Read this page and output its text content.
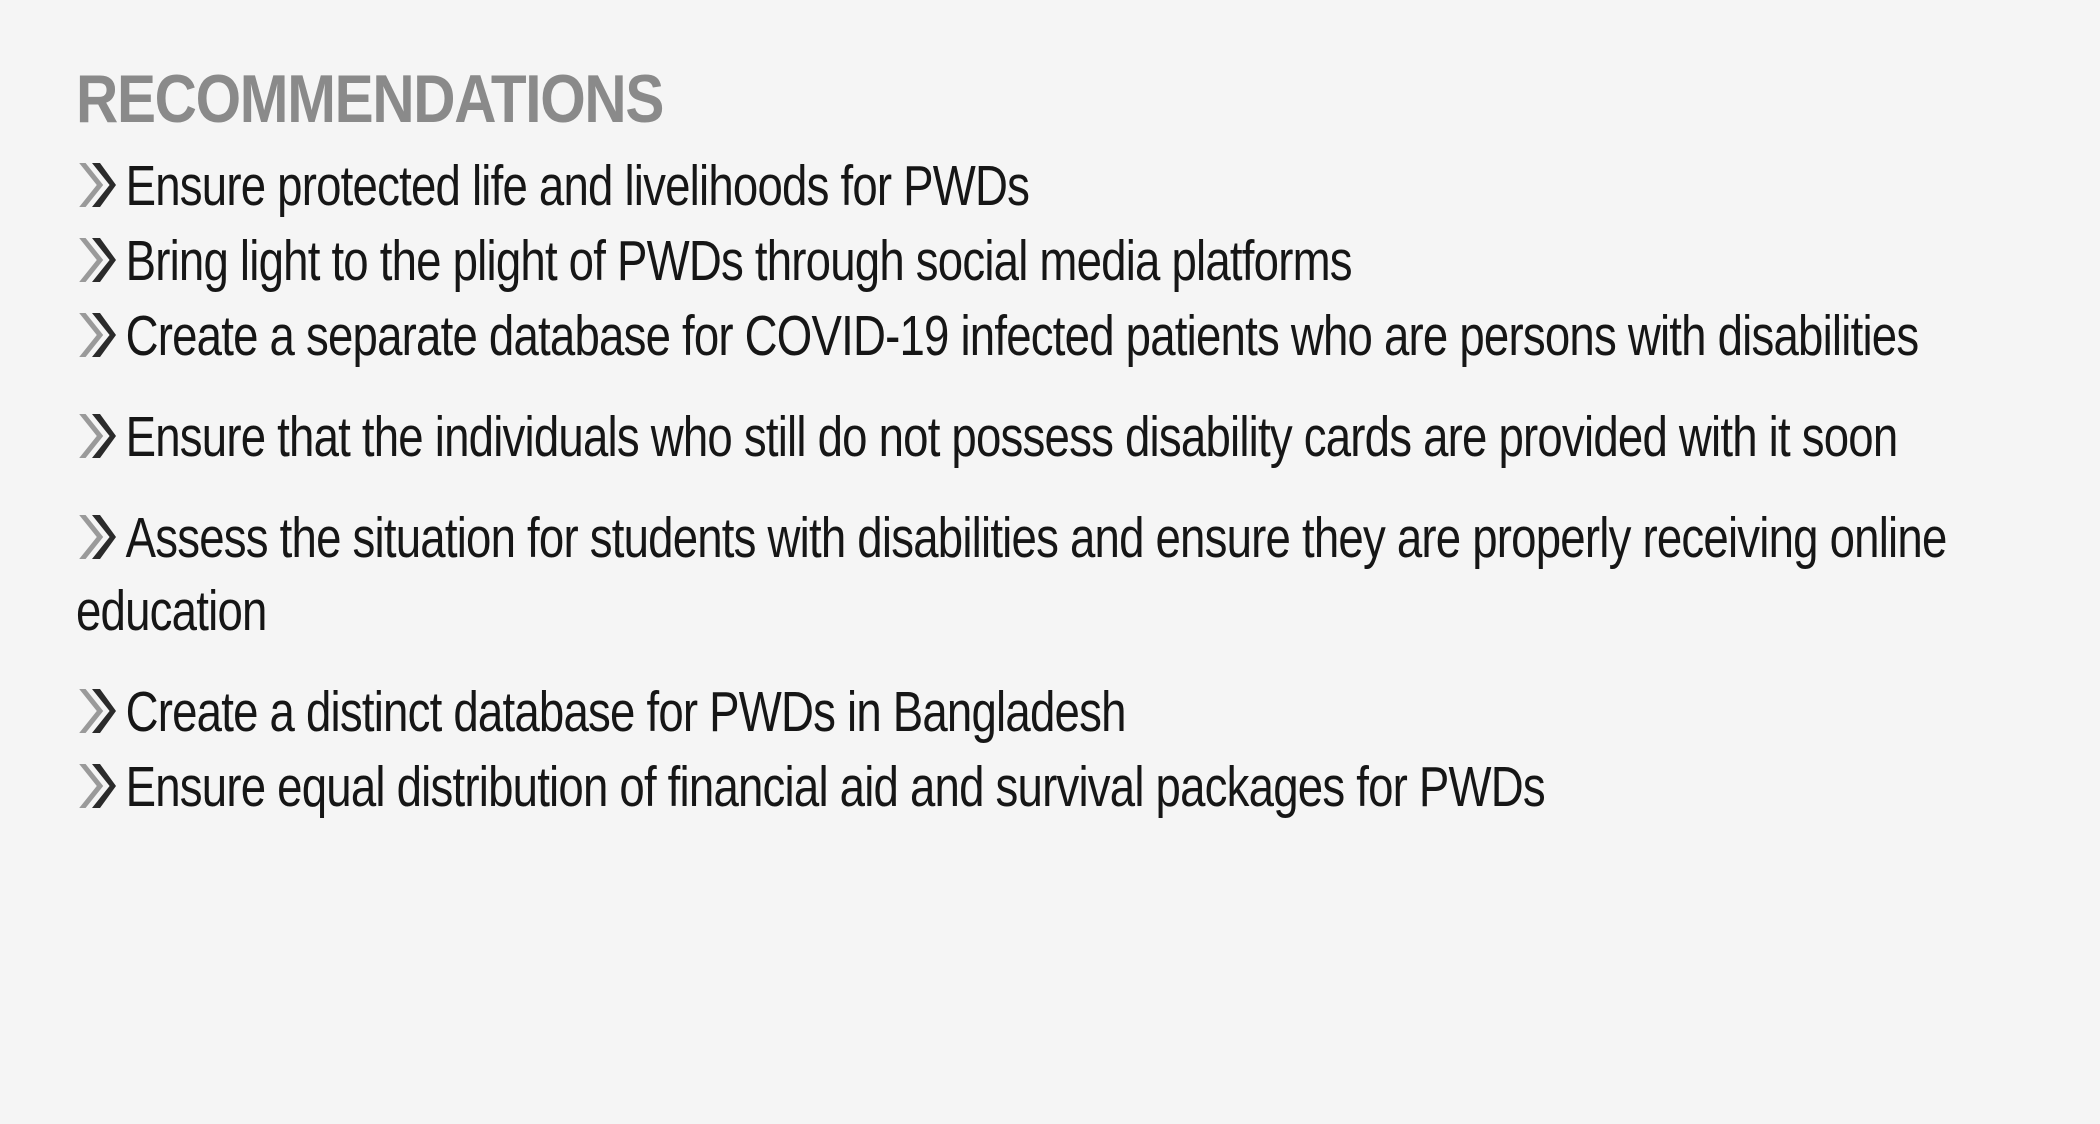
RECOMMENDATIONS
Ensure protected life and livelihoods for PWDs
Bring light to the plight of PWDs through social media platforms
Create a separate database for COVID-19 infected patients who are persons with disabilities
Ensure that the individuals who still do not possess disability cards are provided with it soon
Assess the situation for students with disabilities and ensure they are properly receiving online education
Create a distinct database for PWDs in Bangladesh
Ensure equal distribution of financial aid and survival packages for PWDs
